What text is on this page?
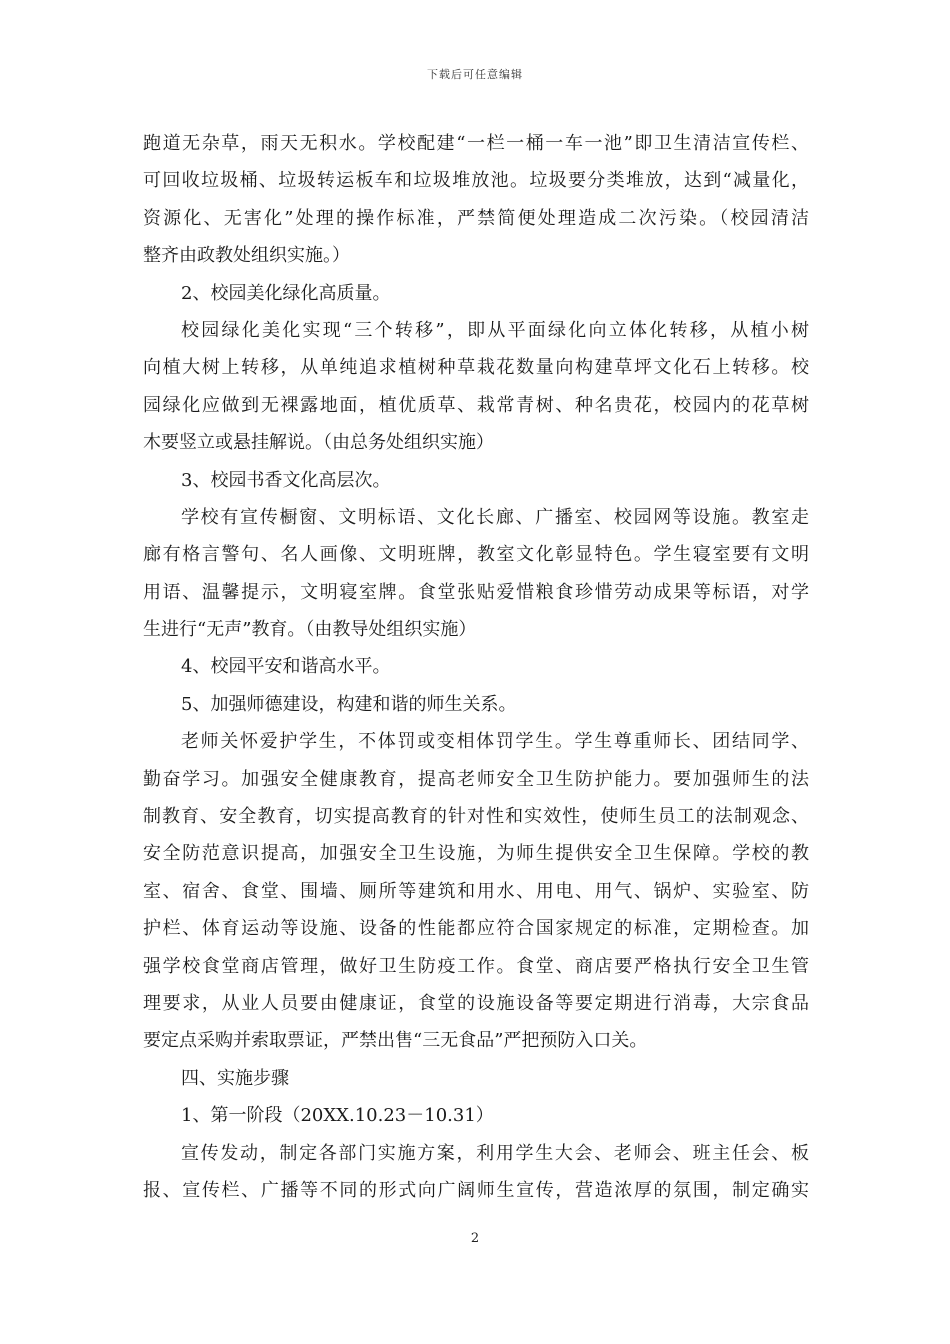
下载后可任意编辑
跑道无杂草，雨天无积水。学校配建“一栏一桶一车一池”即卫生清洁宣传栏、
可回收垃圾桶、垃圾转运板车和垃圾堆放池。垃圾要分类堆放，达到“减量化，
资源化、无害化”处理的操作标准，严禁简便处理造成二次污染。（校园清洁
整齐由政教处组织实施。）
2、校园美化绿化高质量。
校园绿化美化实现“三个转移”，即从平面绿化向立体化转移，从植小树
向植大树上转移，从单纯追求植树种草栽花数量向构建草坪文化石上转移。校
园绿化应做到无裸露地面，植优质草、栽常青树、种名贵花，校园内的花草树
木要竖立或悬挂解说。（由总务处组织实施）
3、校园书香文化高层次。
学校有宣传橱窗、文明标语、文化长廊、广播室、校园网等设施。教室走
廊有格言警句、名人画像、文明班牌，教室文化彰显特色。学生寝室要有文明
用语、温馨提示，文明寝室牌。食堂张贴爱惜粮食珍惜劳动成果等标语，对学
生进行“无声”教育。（由教导处组织实施）
4、校园平安和谐高水平。
5、加强师德建设，构建和谐的师生关系。
老师关怀爱护学生，不体罚或变相体罚学生。学生尊重师长、团结同学、
勤奋学习。加强安全健康教育，提高老师安全卫生防护能力。要加强师生的法
制教育、安全教育，切实提高教育的针对性和实效性，使师生员工的法制观念、
安全防范意识提高，加强安全卫生设施，为师生提供安全卫生保障。学校的教
室、宿舍、食堂、围墙、厕所等建筑和用水、用电、用气、锅炉、实验室、防
护栏、体育运动等设施、设备的性能都应符合国家规定的标准，定期检查。加
强学校食堂商店管理，做好卫生防疫工作。食堂、商店要严格执行安全卫生管
理要求，从业人员要由健康证，食堂的设施设备等要定期进行消毒，大宗食品
要定点采购并索取票证，严禁出售“三无食品”严把预防入口关。
四、实施步骤
1、第一阶段（20XX.10.23－10.31）
宣传发动，制定各部门实施方案，利用学生大会、老师会、班主任会、板
报、宣传栏、广播等不同的形式向广阔师生宣传，营造浓厚的氛围，制定确实
2
